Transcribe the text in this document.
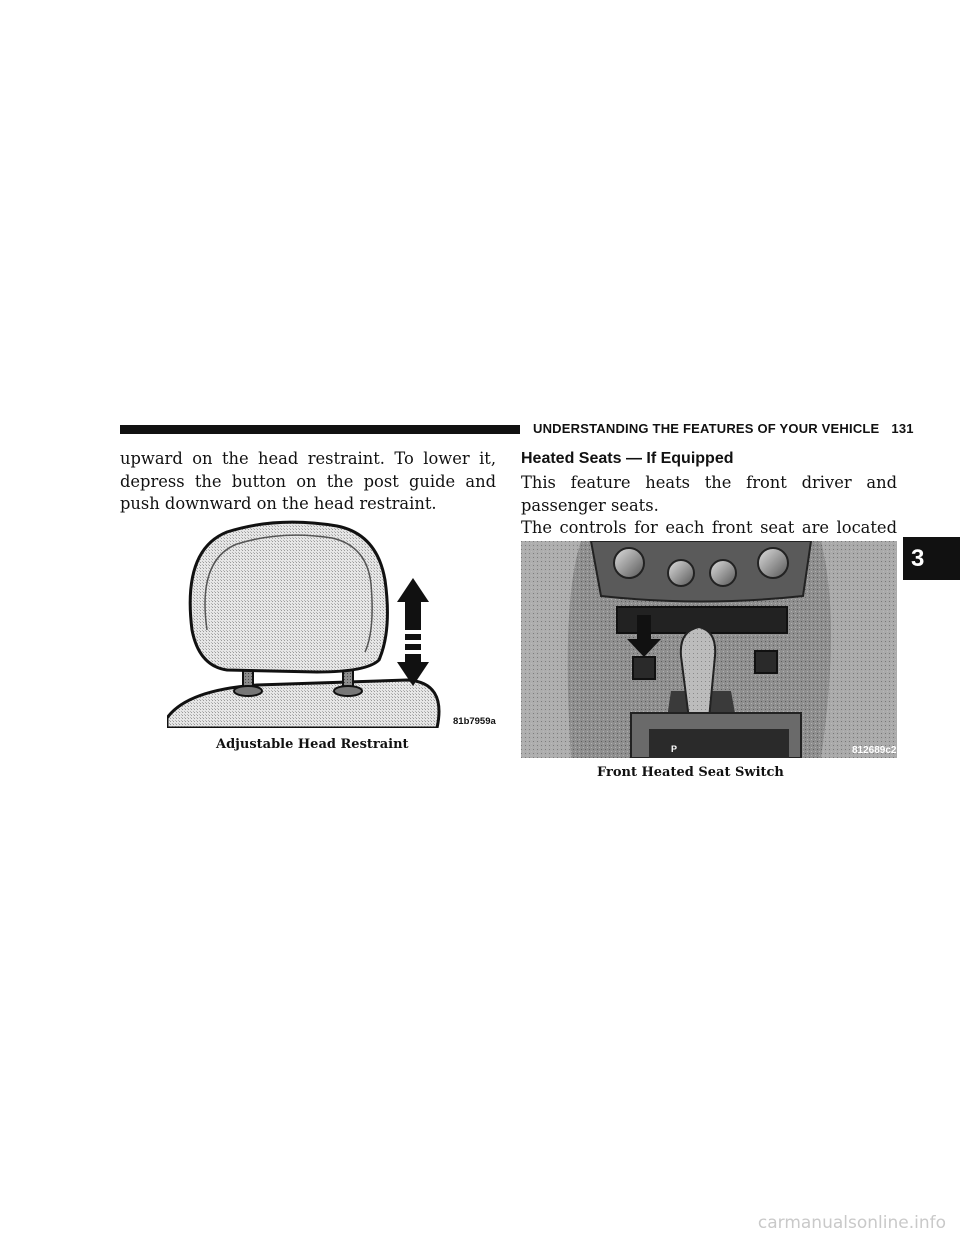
UNDERSTANDING THE FEATURES OF YOUR VEHICLE 131

upward on the head restraint. To lower it, depress the button on the post guide and push downward on the head restraint.

81b7959a
Adjustable Head Restraint
Heated Seats — If Equipped

This feature heats the front driver and passenger seats.

The controls for each front seat are located

P	812689c2
Front Heated Seat Switch
3
carmanualsonline.info
